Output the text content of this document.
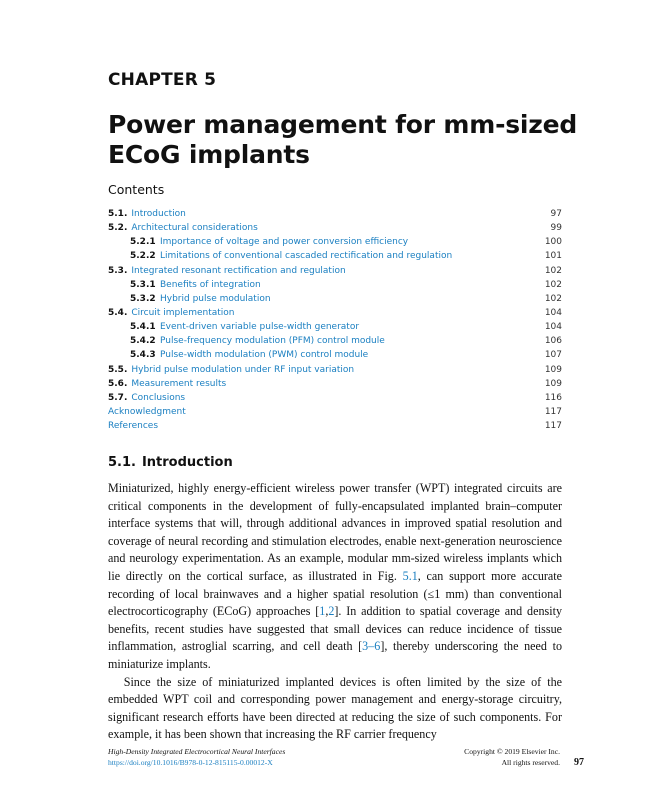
CHAPTER 5
Power management for mm-sized ECoG implants
Contents
5.1. Introduction	97
5.2. Architectural considerations	99
5.2.1 Importance of voltage and power conversion efficiency	100
5.2.2 Limitations of conventional cascaded rectification and regulation	101
5.3. Integrated resonant rectification and regulation	102
5.3.1 Benefits of integration	102
5.3.2 Hybrid pulse modulation	102
5.4. Circuit implementation	104
5.4.1 Event-driven variable pulse-width generator	104
5.4.2 Pulse-frequency modulation (PFM) control module	106
5.4.3 Pulse-width modulation (PWM) control module	107
5.5. Hybrid pulse modulation under RF input variation	109
5.6. Measurement results	109
5.7. Conclusions	116
Acknowledgment	117
References	117
5.1. Introduction

Miniaturized, highly energy-efficient wireless power transfer (WPT) integrated circuits are critical components in the development of fully-encapsulated implanted brain–computer interface systems that will, through additional advances in improved spatial resolution and coverage of neural recording and stimulation electrodes, enable next-generation neuroscience and neurology experimentation. As an example, modular mm-sized wireless implants which lie directly on the cortical surface, as illustrated in Fig. 5.1, can support more accurate recording of local brainwaves and a higher spatial resolution (≤1 mm) than conventional electrocorticography (ECoG) approaches [1,2]. In addition to spatial coverage and density benefits, recent studies have suggested that small devices can reduce incidence of tissue inflammation, astroglial scarring, and cell death [3–6], thereby underscoring the need to miniaturize implants.

Since the size of miniaturized implanted devices is often limited by the size of the embedded WPT coil and corresponding power management and energy-storage circuitry, significant research efforts have been directed at reducing the size of such components. For example, it has been shown that increasing the RF carrier frequency

High-Density Integrated Electrocortical Neural Interfaces
https://doi.org/10.1016/B978-0-12-815115-0.00012-X
Copyright © 2019 Elsevier Inc.
All rights reserved. 97
